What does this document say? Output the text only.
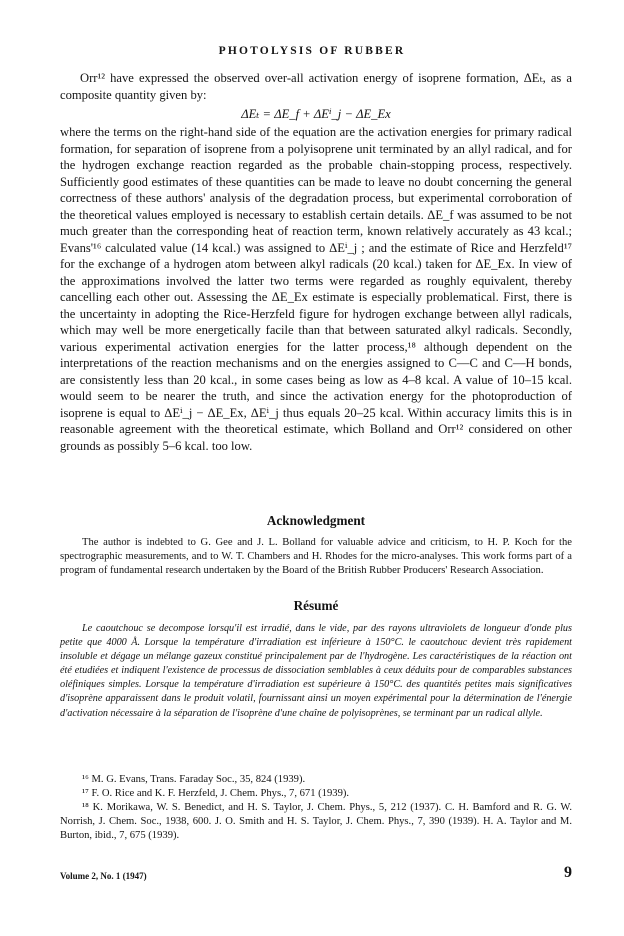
PHOTOLYSIS OF RUBBER

Orr¹² have expressed the observed over-all activation energy of isoprene formation, ΔEₜ, as a composite quantity given by:

ΔEₜ = ΔE_f + ΔEⁱ_j − ΔE_Ex

where the terms on the right-hand side of the equation are the activation energies for primary radical formation, for separation of isoprene from a polyisoprene unit terminated by an allyl radical, and for the hydrogen exchange reaction regarded as the probable chain-stopping process, respectively. Sufficiently good estimates of these quantities can be made to leave no doubt concerning the general correctness of these authors' analysis of the degradation process, but experimental corroboration of the theoretical values employed is necessary to establish certain details. ΔE_f was assumed to be not much greater than the corresponding heat of reaction term, known relatively accurately as 43 kcal.; Evans'¹⁶ calculated value (14 kcal.) was assigned to ΔEⁱ_j ; and the estimate of Rice and Herzfeld¹⁷ for the exchange of a hydrogen atom between alkyl radicals (20 kcal.) taken for ΔE_Ex. In view of the approximations involved the latter two terms were regarded as roughly equivalent, thereby cancelling each other out. Assessing the ΔE_Ex estimate is especially problematical. First, there is the uncertainty in adopting the Rice-Herzfeld figure for hydrogen exchange between allyl radicals, which may well be more energetically facile than that between saturated alkyl radicals. Secondly, various experimental activation energies for the latter process,¹⁸ although dependent on the interpretations of the reaction mechanisms and on the energies assigned to C—C and C—H bonds, are consistently less than 20 kcal., in some cases being as low as 4–8 kcal. A value of 10–15 kcal. would seem to be nearer the truth, and since the activation energy for the photoproduction of isoprene is equal to ΔEⁱ_j − ΔE_Ex, ΔEⁱ_j thus equals 20–25 kcal. Within accuracy limits this is in reasonable agreement with the theoretical estimate, which Bolland and Orr¹² considered on other grounds as possibly 5–6 kcal. too low.

Acknowledgment

The author is indebted to G. Gee and J. L. Bolland for valuable advice and criticism, to H. P. Koch for the spectrographic measurements, and to W. T. Chambers and H. Rhodes for the micro-analyses. This work forms part of a program of fundamental research undertaken by the Board of the British Rubber Producers' Research Association.

Résumé

Le caoutchouc se decompose lorsqu'il est irradié, dans le vide, par des rayons ultraviolets de longueur d'onde plus petite que 4000 Å. Lorsque la température d'irradiation est inférieure à 150°C. le caoutchouc devient très rapidement insoluble et dégage un mélange gazeux constitué principalement par de l'hydrogène. Les caractéristiques de la réaction ont été etudiées et indiquent l'existence de processus de dissociation semblables à ceux déduits pour de comparables substances oléfiniques simples. Lorsque la température d'irradiation est supérieure à 150°C. des quantités petites mais significatives d'isoprène apparaissent dans le produit volatil, fournissant ainsi un moyen expérimental pour la détermination de l'énergie d'activation nécessaire à la séparation de l'isoprène d'une chaîne de polyisoprènes, se terminant par un radical allyle.

¹⁶ M. G. Evans, Trans. Faraday Soc., 35, 824 (1939).

¹⁷ F. O. Rice and K. F. Herzfeld, J. Chem. Phys., 7, 671 (1939).

¹⁸ K. Morikawa, W. S. Benedict, and H. S. Taylor, J. Chem. Phys., 5, 212 (1937). C. H. Bamford and R. G. W. Norrish, J. Chem. Soc., 1938, 600. J. O. Smith and H. S. Taylor, J. Chem. Phys., 7, 390 (1939). H. A. Taylor and M. Burton, ibid., 7, 675 (1939).

Volume 2, No. 1 (1947)	9
